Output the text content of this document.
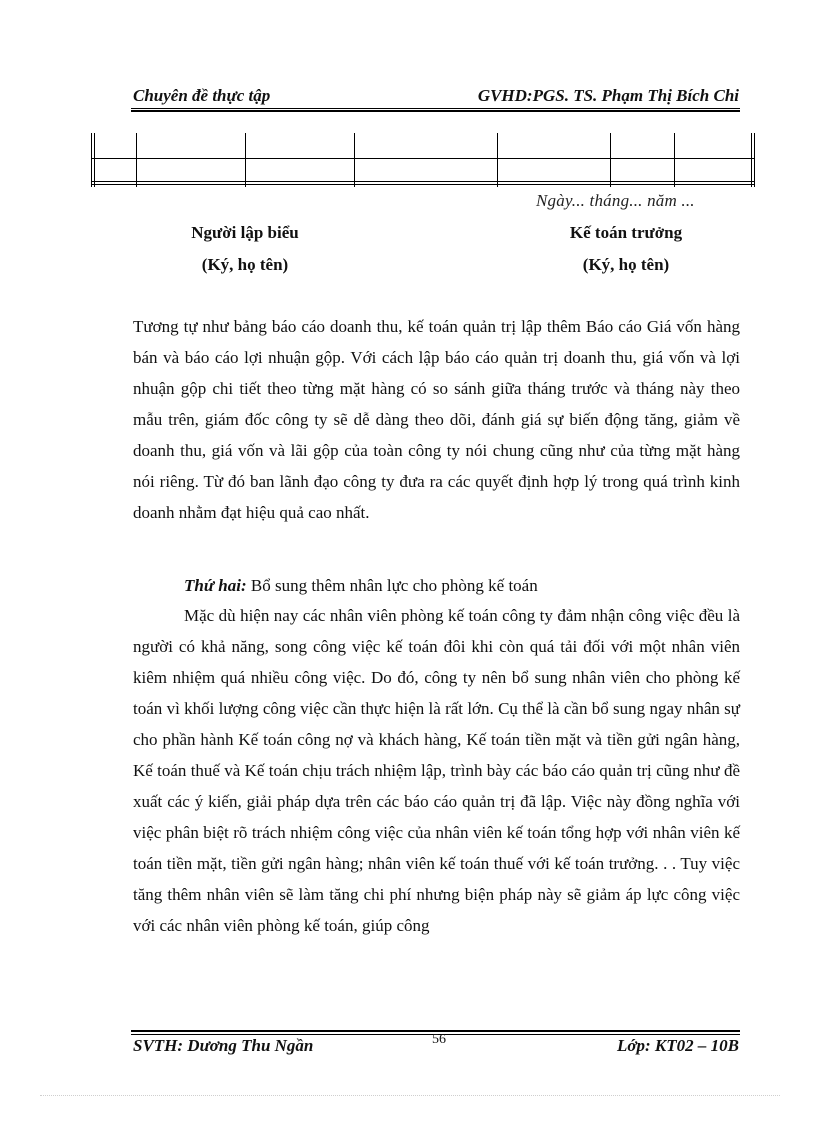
Chuyên đề thực tập	GVHD:PGS. TS. Phạm Thị Bích Chi
Ngày... tháng... năm ...
Người lập biểu
(Ký, họ tên)
Kế toán trưởng
(Ký, họ tên)
Tương tự như bảng báo cáo doanh thu, kế toán quản trị lập thêm Báo cáo Giá vốn hàng bán và báo cáo lợi nhuận gộp. Với cách lập báo cáo quản trị doanh thu, giá vốn và lợi nhuận gộp chi tiết theo từng mặt hàng có so sánh giữa tháng trước và tháng này theo mẫu trên, giám đốc công ty sẽ dễ dàng theo dõi, đánh giá sự biến động tăng, giảm về doanh thu, giá vốn và lãi gộp của toàn công ty nói chung cũng như của từng mặt hàng nói riêng. Từ đó ban lãnh đạo công ty đưa ra các quyết định hợp lý trong quá trình kinh doanh nhằm đạt hiệu quả cao nhất.
Thứ hai: Bổ sung thêm nhân lực cho phòng kế toán
Mặc dù hiện nay các nhân viên phòng kế toán công ty đảm nhận công việc đều là người có khả năng, song công việc kế toán đôi khi còn quá tải đối với một nhân viên kiêm nhiệm quá nhiều công việc. Do đó, công ty nên bổ sung nhân viên cho phòng kế toán vì khối lượng công việc cần thực hiện là rất lớn. Cụ thể là cần bổ sung ngay nhân sự cho phần hành Kế toán công nợ và khách hàng, Kế toán tiền mặt và tiền gửi ngân hàng, Kế toán thuế và Kế toán chịu trách nhiệm lập, trình bày các báo cáo quản trị cũng như đề xuất các ý kiến, giải pháp dựa trên các báo cáo quản trị đã lập. Việc này đồng nghĩa với việc phân biệt rõ trách nhiệm công việc của nhân viên kế toán tổng hợp với nhân viên kế toán tiền mặt, tiền gửi ngân hàng; nhân viên kế toán thuế với kế toán trưởng. . . Tuy việc tăng thêm nhân viên sẽ làm tăng chi phí nhưng biện pháp này sẽ giảm áp lực công việc với các nhân viên phòng kế toán, giúp công
SVTH: Dương Thu Ngần	56	Lớp: KT02 – 10B
